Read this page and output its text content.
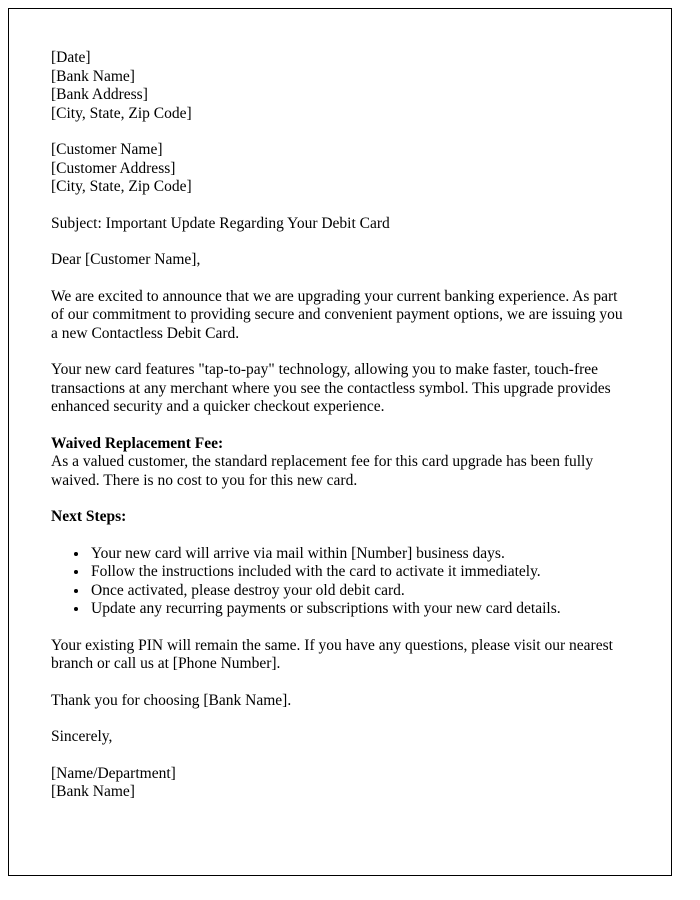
[Date]
[Bank Name]
[Bank Address]
[City, State, Zip Code]
[Customer Name]
[Customer Address]
[City, State, Zip Code]

Subject: Important Update Regarding Your Debit Card

Dear [Customer Name],

We are excited to announce that we are upgrading your current banking experience. As part of our commitment to providing secure and convenient payment options, we are issuing you a new Contactless Debit Card.

Your new card features "tap-to-pay" technology, allowing you to make faster, touch-free transactions at any merchant where you see the contactless symbol. This upgrade provides enhanced security and a quicker checkout experience.

Waived Replacement Fee:
As a valued customer, the standard replacement fee for this card upgrade has been fully waived. There is no cost to you for this new card.

Next Steps:

• Your new card will arrive via mail within [Number] business days.
• Follow the instructions included with the card to activate it immediately.
• Once activated, please destroy your old debit card.
• Update any recurring payments or subscriptions with your new card details.

Your existing PIN will remain the same. If you have any questions, please visit our nearest branch or call us at [Phone Number].

Thank you for choosing [Bank Name].

Sincerely,

[Name/Department]
[Bank Name]
